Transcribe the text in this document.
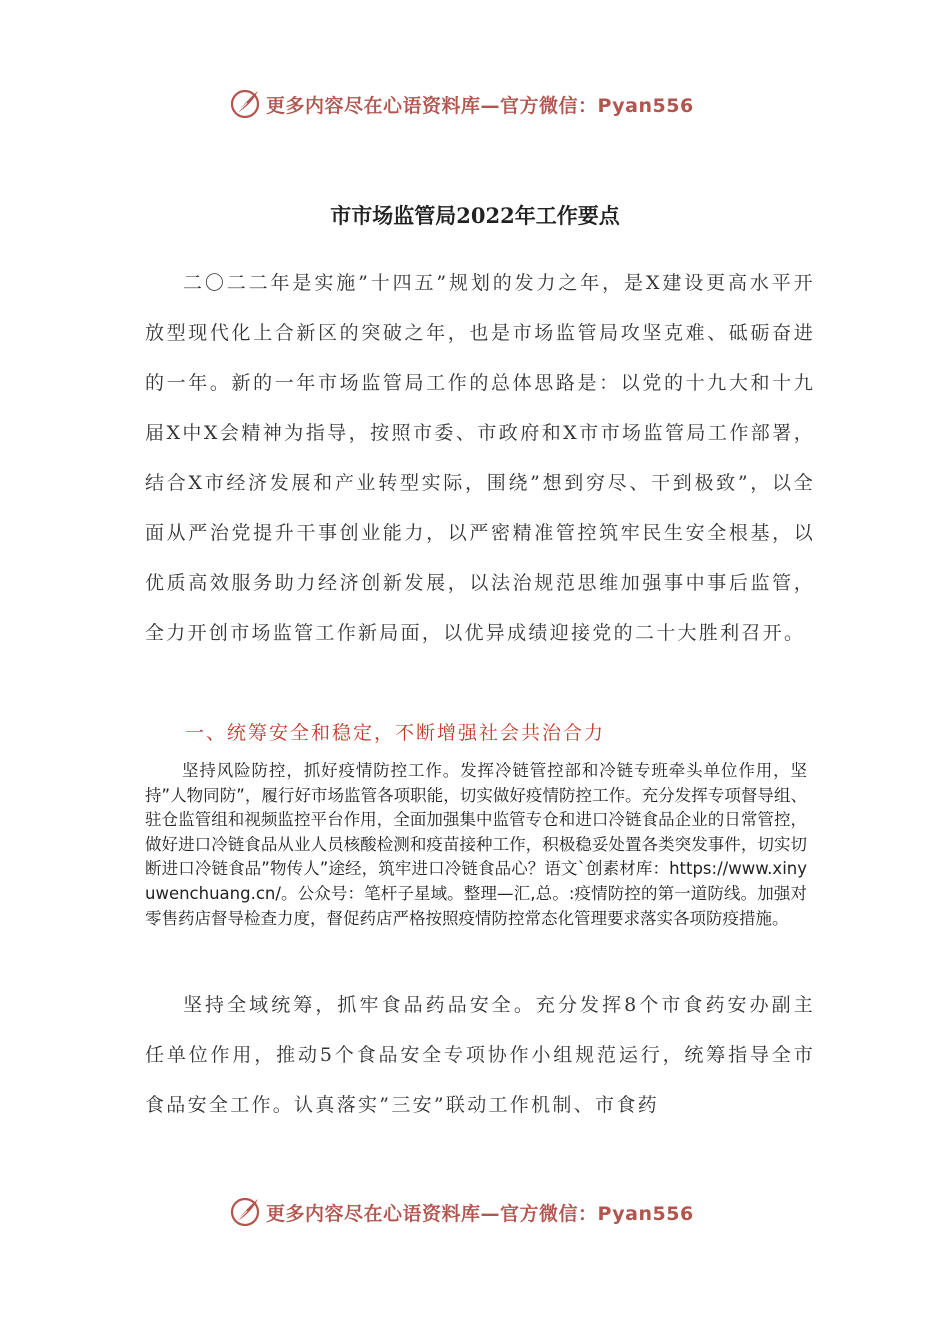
更多内容尽在心语资料库—官方微信：Pyan556
市市场监管局2022年工作要点

二〇二二年是实施”十四五”规划的发力之年，是X建设更高水平开放型现代化上合新区的突破之年，也是市场监管局攻坚克难、砥砺奋进的一年。新的一年市场监管局工作的总体思路是：以党的十九大和十九届X中X会精神为指导，按照市委、市政府和X市市场监管局工作部署，结合X市经济发展和产业转型实际，围绕”想到穷尽、干到极致”，以全面从严治党提升干事创业能力，以严密精准管控筑牢民生安全根基，以优质高效服务助力经济创新发展，以法治规范思维加强事中事后监管，全力开创市场监管工作新局面，以优异成绩迎接党的二十大胜利召开。

一、统筹安全和稳定，不断增强社会共治合力

坚持风险防控，抓好疫情防控工作。发挥冷链管控部和冷链专班牵头单位作用，坚持”人物同防”，履行好市场监管各项职能，切实做好疫情防控工作。充分发挥专项督导组、驻仓监管组和视频监控平台作用，全面加强集中监管专仓和进口冷链食品企业的日常管控，做好进口冷链食品从业人员核酸检测和疫苗接种工作，积极稳妥处置各类突发事件，切实切断进口冷链食品”物传人”途经，筑牢进口冷链食品心？语文`创素材库：https://www.xinyuwenchuang.cn/。公众号：笔杆子星域。整理—汇,总。:疫情防控的第一道防线。加强对零售药店督导检查力度，督促药店严格按照疫情防控常态化管理要求落实各项防疫措施。

坚持全域统筹，抓牢食品药品安全。充分发挥8个市食药安办副主任单位作用，推动5个食品安全专项协作小组规范运行，统筹指导全市食品安全工作。认真落实”三安”联动工作机制、市食药

更多内容尽在心语资料库—官方微信：Pyan556
